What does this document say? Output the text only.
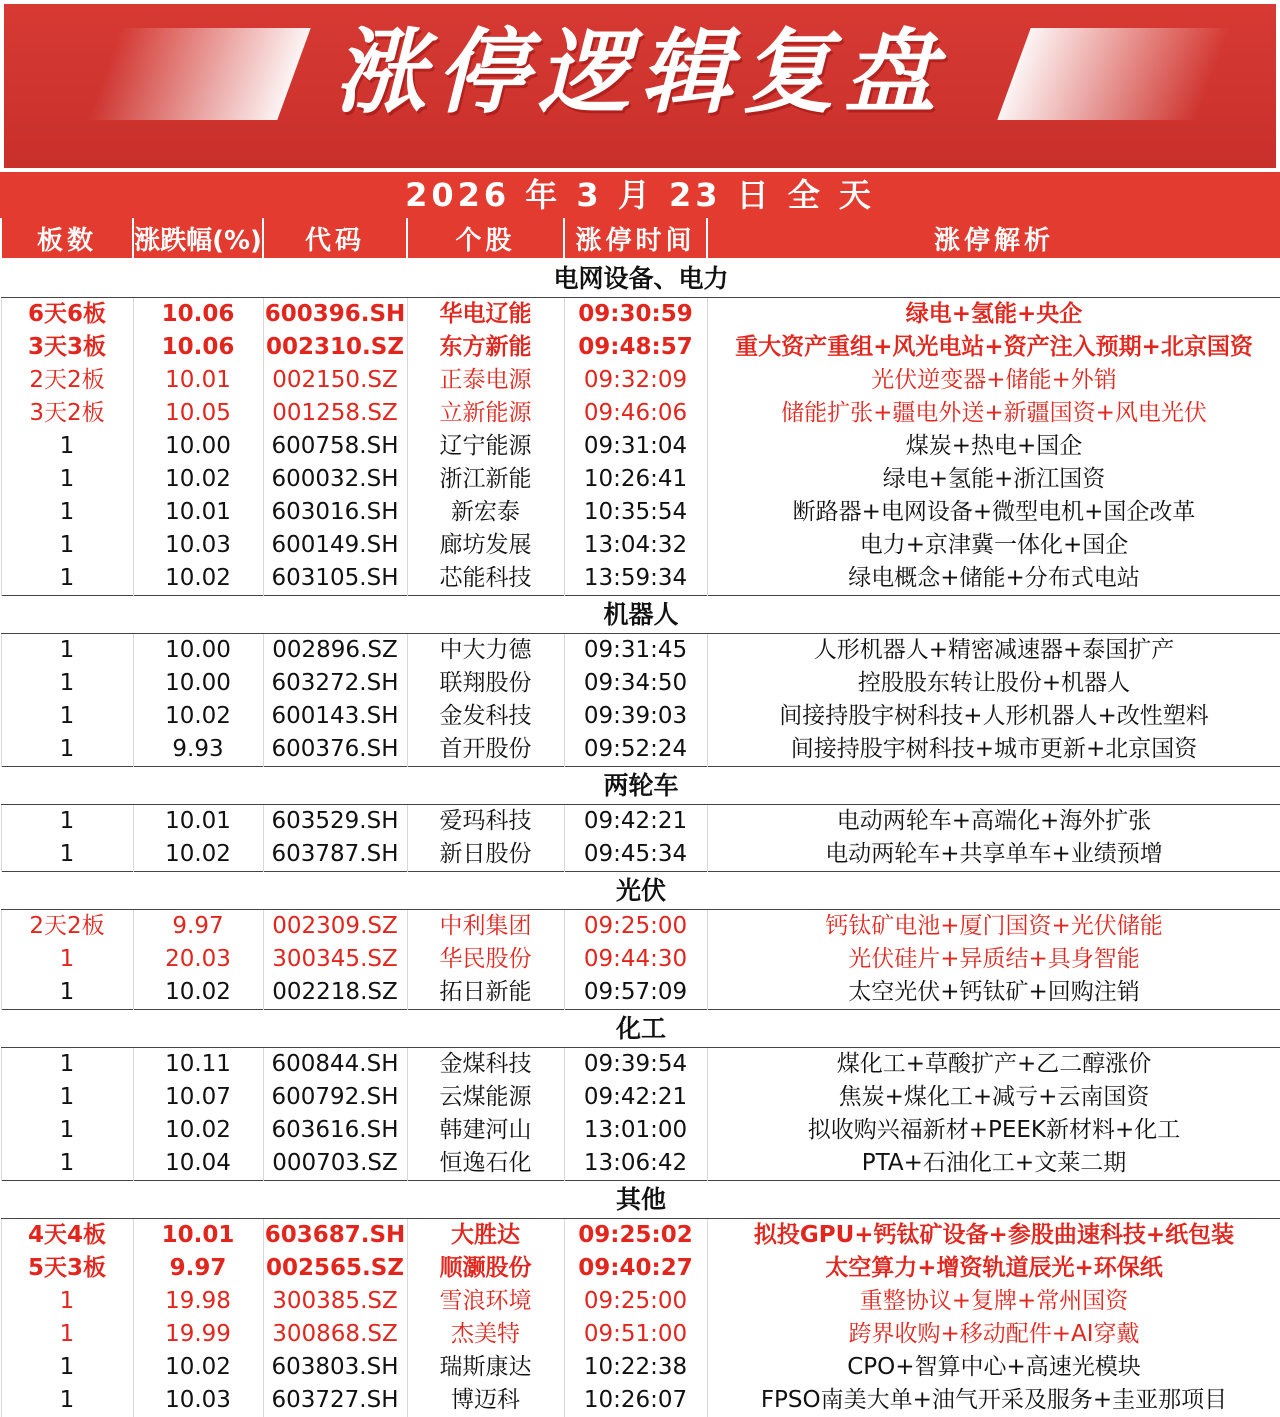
涨停逻辑复盘
2026 年 3 月 23 日 全 天
板数	涨跌幅(%)	代码	个股	涨停时间	涨停解析
电网设备、电力					
6天6板	10.06	600396.SH	华电辽能	09:30:59	绿电+氢能+央企
3天3板	10.06	002310.SZ	东方新能	09:48:57	重大资产重组+风光电站+资产注入预期+北京国资
2天2板	10.01	002150.SZ	正泰电源	09:32:09	光伏逆变器+储能+外销
3天2板	10.05	001258.SZ	立新能源	09:46:06	储能扩张+疆电外送+新疆国资+风电光伏
1	10.00	600758.SH	辽宁能源	09:31:04	煤炭+热电+国企
1	10.02	600032.SH	浙江新能	10:26:41	绿电+氢能+浙江国资
1	10.01	603016.SH	新宏泰	10:35:54	断路器+电网设备+微型电机+国企改革
1	10.03	600149.SH	廊坊发展	13:04:32	电力+京津冀一体化+国企
1	10.02	603105.SH	芯能科技	13:59:34	绿电概念+储能+分布式电站
机器人					
1	10.00	002896.SZ	中大力德	09:31:45	人形机器人+精密减速器+泰国扩产
1	10.00	603272.SH	联翔股份	09:34:50	控股股东转让股份+机器人
1	10.02	600143.SH	金发科技	09:39:03	间接持股宇树科技+人形机器人+改性塑料
1	9.93	600376.SH	首开股份	09:52:24	间接持股宇树科技+城市更新+北京国资
两轮车					
1	10.01	603529.SH	爱玛科技	09:42:21	电动两轮车+高端化+海外扩张
1	10.02	603787.SH	新日股份	09:45:34	电动两轮车+共享单车+业绩预增
光伏					
2天2板	9.97	002309.SZ	中利集团	09:25:00	钙钛矿电池+厦门国资+光伏储能
1	20.03	300345.SZ	华民股份	09:44:30	光伏硅片+异质结+具身智能
1	10.02	002218.SZ	拓日新能	09:57:09	太空光伏+钙钛矿+回购注销
化工					
1	10.11	600844.SH	金煤科技	09:39:54	煤化工+草酸扩产+乙二醇涨价
1	10.07	600792.SH	云煤能源	09:42:21	焦炭+煤化工+减亏+云南国资
1	10.02	603616.SH	韩建河山	13:01:00	拟收购兴福新材+PEEK新材料+化工
1	10.04	000703.SZ	恒逸石化	13:06:42	PTA+石油化工+文莱二期
其他					
4天4板	10.01	603687.SH	大胜达	09:25:02	拟投GPU+钙钛矿设备+参股曲速科技+纸包装
5天3板	9.97	002565.SZ	顺灏股份	09:40:27	太空算力+增资轨道辰光+环保纸
1	19.98	300385.SZ	雪浪环境	09:25:00	重整协议+复牌+常州国资
1	19.99	300868.SZ	杰美特	09:51:00	跨界收购+移动配件+AI穿戴
1	10.02	603803.SH	瑞斯康达	10:22:38	CPO+智算中心+高速光模块
1	10.03	603727.SH	博迈科	10:26:07	FPSO南美大单+油气开采及服务+圭亚那项目
